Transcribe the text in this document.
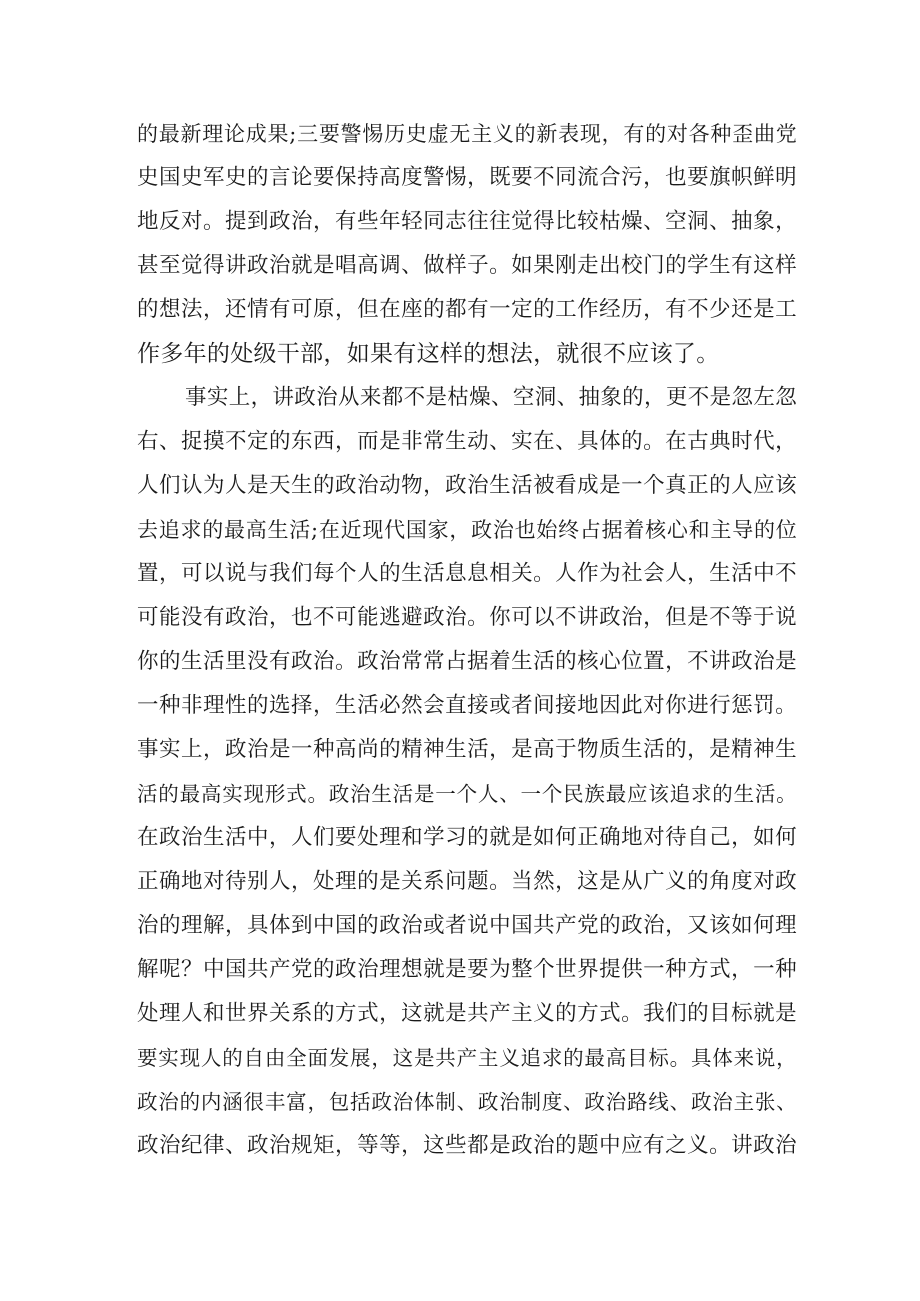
的最新理论成果;三要警惕历史虚无主义的新表现，有的对各种歪曲党
史国史军史的言论要保持高度警惕，既要不同流合污，也要旗帜鲜明
地反对。提到政治，有些年轻同志往往觉得比较枯燥、空洞、抽象，
甚至觉得讲政治就是唱高调、做样子。如果刚走出校门的学生有这样
的想法，还情有可原，但在座的都有一定的工作经历，有不少还是工
作多年的处级干部，如果有这样的想法，就很不应该了。
事实上，讲政治从来都不是枯燥、空洞、抽象的，更不是忽左忽
右、捉摸不定的东西，而是非常生动、实在、具体的。在古典时代，
人们认为人是天生的政治动物，政治生活被看成是一个真正的人应该
去追求的最高生活;在近现代国家，政治也始终占据着核心和主导的位
置，可以说与我们每个人的生活息息相关。人作为社会人，生活中不
可能没有政治，也不可能逃避政治。你可以不讲政治，但是不等于说
你的生活里没有政治。政治常常占据着生活的核心位置，不讲政治是
一种非理性的选择，生活必然会直接或者间接地因此对你进行惩罚。
事实上，政治是一种高尚的精神生活，是高于物质生活的，是精神生
活的最高实现形式。政治生活是一个人、一个民族最应该追求的生活。
在政治生活中，人们要处理和学习的就是如何正确地对待自己，如何
正确地对待别人，处理的是关系问题。当然，这是从广义的角度对政
治的理解，具体到中国的政治或者说中国共产党的政治，又该如何理
解呢？中国共产党的政治理想就是要为整个世界提供一种方式，一种
处理人和世界关系的方式，这就是共产主义的方式。我们的目标就是
要实现人的自由全面发展，这是共产主义追求的最高目标。具体来说，
政治的内涵很丰富，包括政治体制、政治制度、政治路线、政治主张、
政治纪律、政治规矩，等等，这些都是政治的题中应有之义。讲政治
